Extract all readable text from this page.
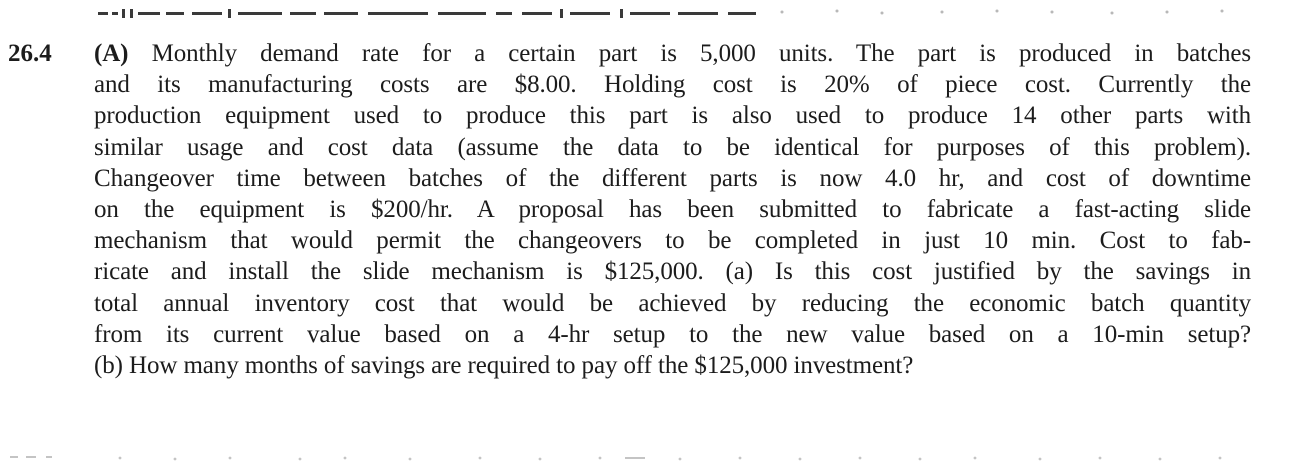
26.4 (A) Monthly demand rate for a certain part is 5,000 units. The part is produced in batches
and its manufacturing costs are $8.00. Holding cost is 20% of piece cost. Currently the
production equipment used to produce this part is also used to produce 14 other parts with
similar usage and cost data (assume the data to be identical for purposes of this problem).
Changeover time between batches of the different parts is now 4.0 hr, and cost of downtime
on the equipment is $200/hr. A proposal has been submitted to fabricate a fast-acting slide
mechanism that would permit the changeovers to be completed in just 10 min. Cost to fab-
ricate and install the slide mechanism is $125,000. (a) Is this cost justified by the savings in
total annual inventory cost that would be achieved by reducing the economic batch quantity
from its current value based on a 4-hr setup to the new value based on a 10-min setup?
(b) How many months of savings are required to pay off the $125,000 investment?
